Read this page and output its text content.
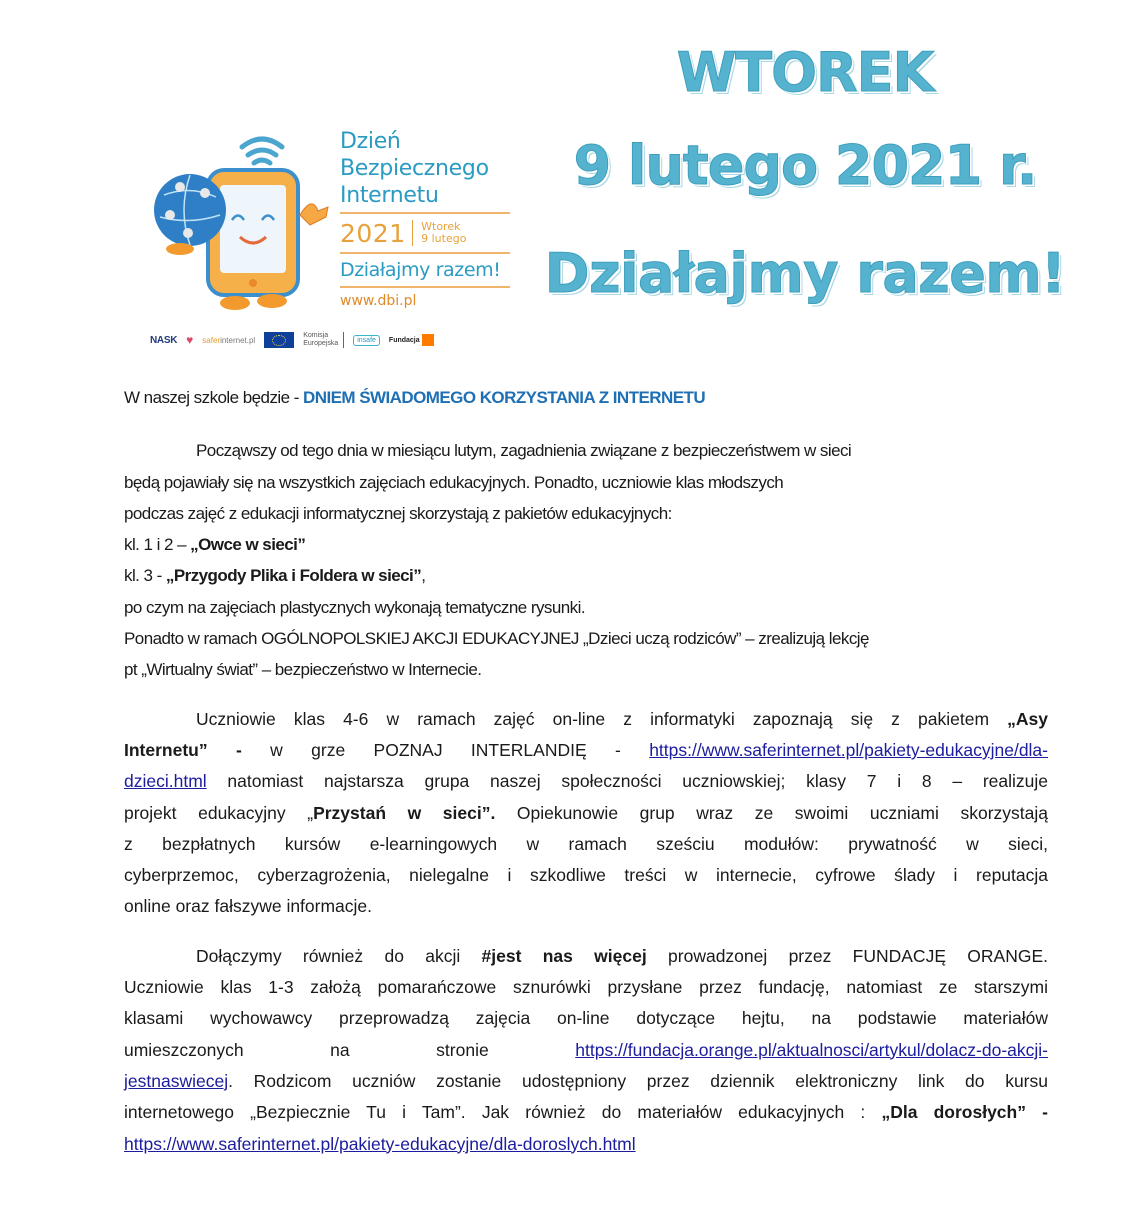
Dzień
Bezpiecznego
Internetu
2021 Wtorek
9 lutego
Działajmy razem!
www.dbi.pl
NASK ♥ saferinternet.pl	Komisja
Europejska	insafe	Fundacja
WTOREK
9 lutego 2021 r.
Działajmy razem!
W naszej szkole będzie - DNIEM ŚWIADOMEGO KORZYSTANIA Z INTERNETU
Począwszy od tego dnia w miesiącu lutym, zagadnienia związane z bezpieczeństwem w sieci
będą pojawiały się na wszystkich zajęciach edukacyjnych. Ponadto, uczniowie klas młodszych
podczas zajęć z edukacji informatycznej skorzystają z pakietów edukacyjnych:
kl. 1 i 2 – „Owce w sieci”
kl. 3 - „Przygody Plika i Foldera w sieci”,
po czym na zajęciach plastycznych wykonają tematyczne rysunki.
Ponadto w ramach OGÓLNOPOLSKIEJ AKCJI EDUKACYJNEJ „Dzieci uczą rodziców” – zrealizują lekcję
pt „Wirtualny świat” – bezpieczeństwo w Internecie.
Uczniowie klas 4-6 w ramach zajęć on-line z informatyki zapoznają się z pakietem „Asy
Internetu” - w grze POZNAJ INTERLANDIĘ - https://www.saferinternet.pl/pakiety-edukacyjne/dla-
dzieci.html natomiast najstarsza grupa naszej społeczności uczniowskiej; klasy 7 i 8 – realizuje
projekt edukacyjny „Przystań w sieci”. Opiekunowie grup wraz ze swoimi uczniami skorzystają
z bezpłatnych kursów e-learningowych w ramach sześciu modułów: prywatność w sieci,
cyberprzemoc, cyberzagrożenia, nielegalne i szkodliwe treści w internecie, cyfrowe ślady i reputacja
online oraz fałszywe informacje.
Dołączymy również do akcji #jest nas więcej prowadzonej przez FUNDACJĘ ORANGE.
Uczniowie klas 1-3 założą pomarańczowe sznurówki przysłane przez fundację, natomiast ze starszymi
klasami wychowawcy przeprowadzą zajęcia on-line dotyczące hejtu, na podstawie materiałów
umieszczonych na stronie https://fundacja.orange.pl/aktualnosci/artykul/dolacz-do-akcji-
jestnaswiecej. Rodzicom uczniów zostanie udostępniony przez dziennik elektroniczny link do kursu
internetowego „Bezpiecznie Tu i Tam”. Jak również do materiałów edukacyjnych : „Dla dorosłych” -
https://www.saferinternet.pl/pakiety-edukacyjne/dla-doroslych.html
